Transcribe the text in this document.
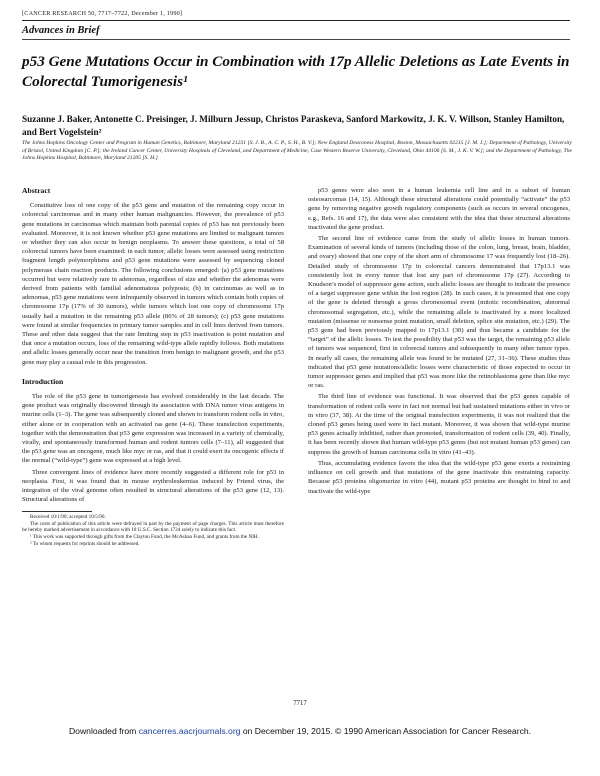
[CANCER RESEARCH 50, 7717–7722, December 1, 1990]
Advances in Brief
p53 Gene Mutations Occur in Combination with 17p Allelic Deletions as Late Events in Colorectal Tumorigenesis¹
Suzanne J. Baker, Antonette C. Preisinger, J. Milburn Jessup, Christos Paraskeva, Sanford Markowitz, J. K. V. Willson, Stanley Hamilton, and Bert Vogelstein²
The Johns Hopkins Oncology Center and Program in Human Genetics, Baltimore, Maryland 21231 [S. J. B., A. C. P., S. H., B. V.]; New England Deaconess Hospital, Boston, Massachusetts 02215 [J. M. J.]; Department of Pathology, University of Bristol, United Kingdom [C. P.]; the Ireland Cancer Center, University Hospitals of Cleveland, and Department of Medicine, Case Western Reserve University, Cleveland, Ohio 44106 [S. M., J. K. V. W.]; and the Department of Pathology, The Johns Hopkins Hospital, Baltimore, Maryland 21205 [S. H.]
Abstract

Constitutive loss of one copy of the p53 gene and mutation of the remaining copy occur in colorectal carcinomas and in many other human malignancies. However, the prevalence of p53 gene mutations in carcinomas which maintain both parental copies of p53 has not previously been evaluated. Moreover, it is not known whether p53 gene mutations are limited to malignant tumors or whether they can also occur in benign neoplasms. To answer these questions, a total of 58 colorectal tumors have been examined: in each tumor, allelic losses were assessed using restriction fragment length polymorphisms and p53 gene mutations were assessed by sequencing cloned polymerase chain reaction products. The following conclusions emerged: (a) p53 gene mutations occurred but were relatively rare in adenomas, regardless of size and whether the adenomas were derived from patients with familial adenomatous polyposis; (b) in carcinomas as well as in adenomas, p53 gene mutations were infrequently observed in tumors which contain both copies of chromosome 17p (17% of 30 tumors), while tumors which lost one copy of chromosome 17p usually had a mutation in the remaining p53 allele (86% of 28 tumors); (c) p53 gene mutations were found at similar frequencies in primary tumor samples and in cell lines derived from tumors. These and other data suggest that the rate limiting step in p53 inactivation is point mutation and that once a mutation occurs, loss of the remaining wild-type allele rapidly follows. Both mutations and allelic losses generally occur near the transition from benign to malignant growth, and the p53 gene may play a causal role in this progression.

Introduction

The role of the p53 gene in tumorigenesis has evolved considerably in the last decade. The gene product was originally discovered through its association with DNA tumor virus antigens in murine cells (1–3). The gene was subsequently cloned and shown to transform rodent cells in vitro, either alone or in cooperation with an activated ras gene (4–6). These transfection experiments, together with the demonstration that p53 gene expression was increased in a variety of chemically, virally, and spontaneously transformed human and rodent tumors cells (7–11), all suggested that the p53 gene was an oncogene, much like myc or ras, and that it could exert its oncogenic effects if the normal (“wild-type”) gene was expressed at a high level.

Three convergent lines of evidence have more recently suggested a different role for p53 in neoplasia. First, it was found that in mouse erythroleukemias induced by Friend virus, the integration of the viral genome often resulted in structural alterations of the p53 gene (12, 13). Structural alterations of

Received 10/1/90; accepted 10/5/90.
The costs of publication of this article were defrayed in part by the payment of page charges. This article must therefore be hereby marked advertisement in accordance with 18 U.S.C. Section 1734 solely to indicate this fact.
¹ This work was supported through gifts from the Clayton Fund, the McAshan Fund, and grants from the NIH.
² To whom requests for reprints should be addressed.

p53 genes were also seen in a human leukemia cell line and in a subset of human osteosarcomas (14, 15). Although these structural alterations could potentially “activate” the p53 gene by removing negative growth regulatory components (such as occurs in several oncogenes, e.g., Refs. 16 and 17), the data were also consistent with the idea that these structural alterations inactivated the gene product.

The second line of evidence came from the study of allelic losses in human tumors. Examination of several kinds of tumors (including those of the colon, lung, breast, brain, bladder, and ovary) showed that one copy of the short arm of chromosome 17 was frequently lost (18–26). Detailed study of chromosome 17p in colorectal cancers demonstrated that 17p13.1 was consistently lost in every tumor that lost any part of chromosome 17p (27). According to Knudson’s model of suppressor gene action, such allelic losses are thought to indicate the presence of a target suppressor gene within the lost region (28). In such cases, it is presumed that one copy of the gene is deleted through a gross chromosomal event (mitotic recombination, abnormal chromosomal segregation, etc.), while the remaining allele is inactivated by a more localized mutation (missense or nonsense point mutation, small deletion, splice site mutation, etc.) (29). The p53 gene had been previously mapped to 17p13.1 (30) and thus became a candidate for the “target” of the allelic losses. To test the possibility that p53 was the target, the remaining p53 allele of tumors was sequenced, first in colorectal tumors and subsequently in many other tumor types. In nearly all cases, the remaining allele was found to be mutated (27, 31–36). These studies thus indicated that p53 gene mutations/allelic losses were characteristic of those expected to occur in tumor suppressor genes and implied that p53 was more like the retinoblastoma gene than like myc or ras.

The third line of evidence was functional. It was observed that the p53 genes capable of transformation of rodent cells were in fact not normal but had sustained mutations either in vivo or in vitro (37, 38). At the time of the original transfection experiments, it was not realized that the cloned p53 genes being used were in fact mutant. Moreover, it was shown that wild-type murine p53 genes actually inhibited, rather than promoted, transformation of rodent cells (39, 40). Finally, it has been recently shown that human wild-type p53 genes (but not mutant human p53 genes) can suppress the growth of human carcinoma cells in vitro (41–43).

Thus, accumulating evidence favors the idea that the wild-type p53 gene exerts a restraining influence on cell growth and that mutations of the gene inactivate this restraining capacity. Because p53 proteins oligomerize in vitro (44), mutant p53 proteins are thought to bind to and inactivate the wild-type

7717
Downloaded from cancerres.aacrjournals.org on December 19, 2015. © 1990 American Association for Cancer Research.
